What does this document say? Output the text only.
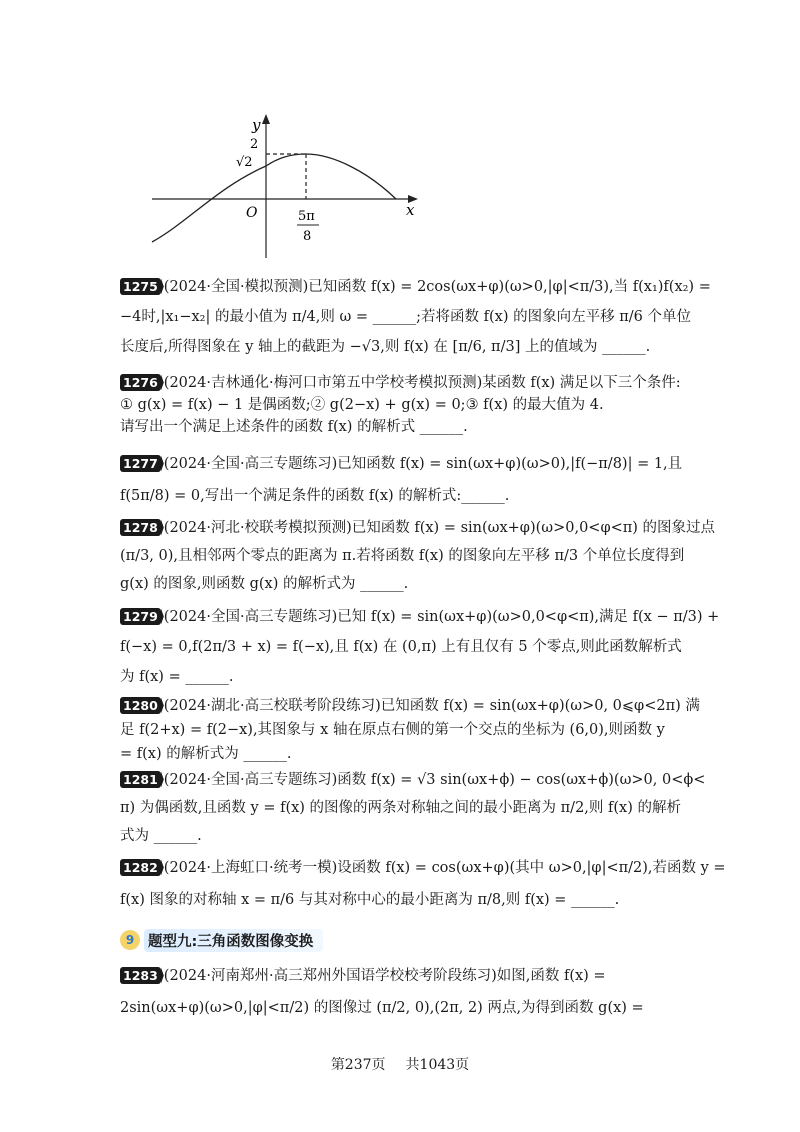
y
x
O
2
√2
5π
8
1275 (2024·全国·模拟预测)已知函数 f(x) = 2cos(ωx+φ)(ω>0,|φ|<π/3),当 f(x₁)f(x₂) =
−4时,|x₁−x₂| 的最小值为 π/4,则 ω = ______;若将函数 f(x) 的图象向左平移 π/6 个单位
长度后,所得图象在 y 轴上的截距为 −√3,则 f(x) 在 [π/6, π/3] 上的值域为 ______.
1276 (2024·吉林通化·梅河口市第五中学校考模拟预测)某函数 f(x) 满足以下三个条件:
① g(x) = f(x) − 1 是偶函数;② g(2−x) + g(x) = 0;③ f(x) 的最大值为 4.
请写出一个满足上述条件的函数 f(x) 的解析式 ______.
1277 (2024·全国·高三专题练习)已知函数 f(x) = sin(ωx+φ)(ω>0),|f(−π/8)| = 1,且
f(5π/8) = 0,写出一个满足条件的函数 f(x) 的解析式:______.
1278 (2024·河北·校联考模拟预测)已知函数 f(x) = sin(ωx+φ)(ω>0,0<φ<π) 的图象过点
(π/3, 0),且相邻两个零点的距离为 π.若将函数 f(x) 的图象向左平移 π/3 个单位长度得到
g(x) 的图象,则函数 g(x) 的解析式为 ______.
1279 (2024·全国·高三专题练习)已知 f(x) = sin(ωx+φ)(ω>0,0<φ<π),满足 f(x − π/3) +
f(−x) = 0,f(2π/3 + x) = f(−x),且 f(x) 在 (0,π) 上有且仅有 5 个零点,则此函数解析式
为 f(x) = ______.
1280 (2024·湖北·高三校联考阶段练习)已知函数 f(x) = sin(ωx+φ)(ω>0, 0⩽φ<2π) 满
足 f(2+x) = f(2−x),其图象与 x 轴在原点右侧的第一个交点的坐标为 (6,0),则函数 y
= f(x) 的解析式为 ______.
1281 (2024·全国·高三专题练习)函数 f(x) = √3 sin(ωx+ϕ) − cos(ωx+ϕ)(ω>0, 0<ϕ<
π) 为偶函数,且函数 y = f(x) 的图像的两条对称轴之间的最小距离为 π/2,则 f(x) 的解析
式为 ______.
1282 (2024·上海虹口·统考一模)设函数 f(x) = cos(ωx+φ)(其中 ω>0,|φ|<π/2),若函数 y =
f(x) 图象的对称轴 x = π/6 与其对称中心的最小距离为 π/8,则 f(x) = ______.
9 题型九:三角函数图像变换
1283 (2024·河南郑州·高三郑州外国语学校校考阶段练习)如图,函数 f(x) =
2sin(ωx+φ)(ω>0,|φ|<π/2) 的图像过 (π/2, 0),(2π, 2) 两点,为得到函数 g(x) =
第237页 共1043页
